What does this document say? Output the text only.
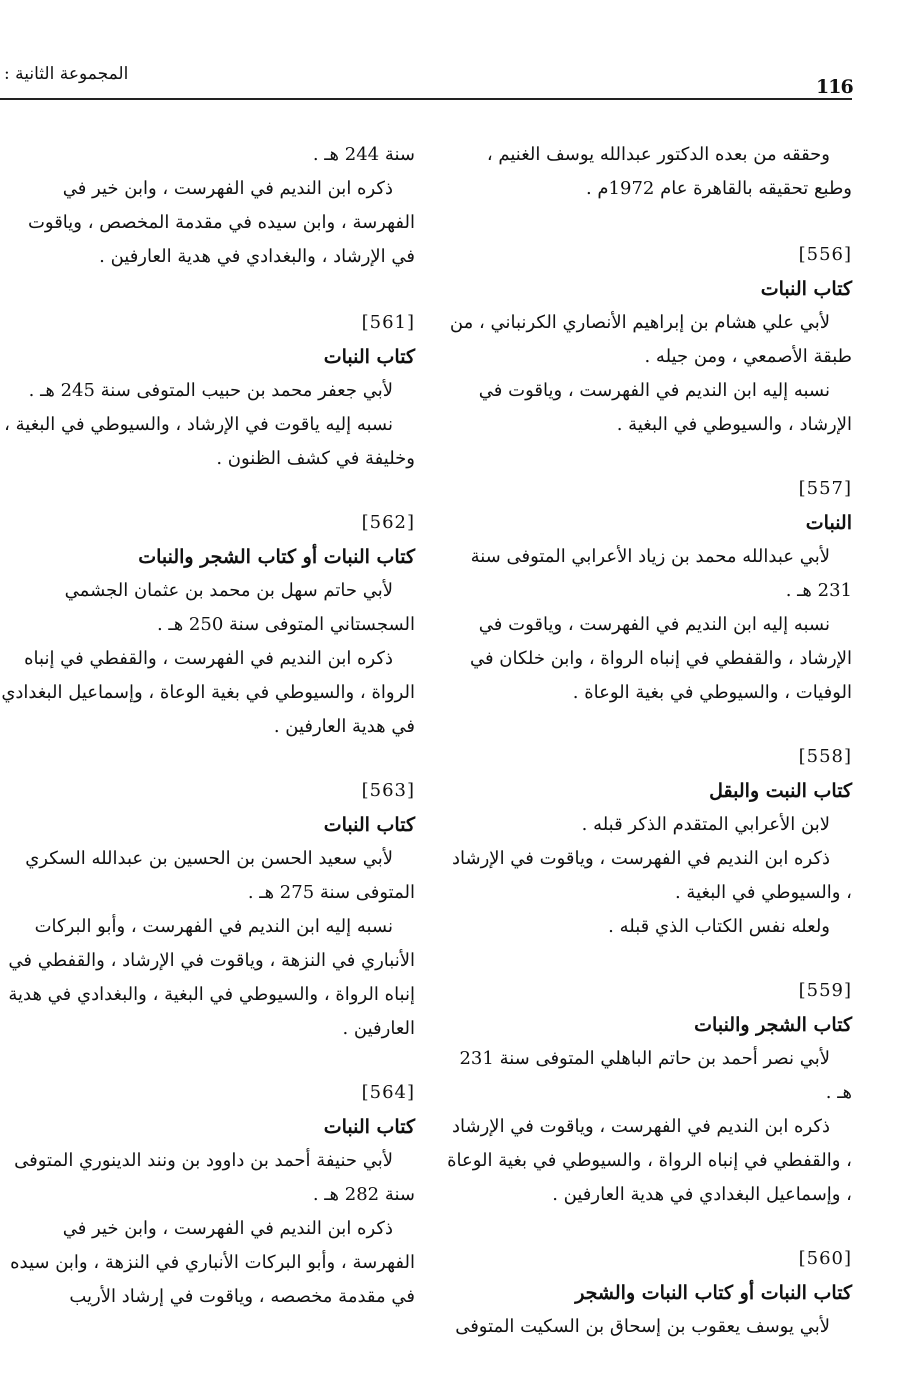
116
المجموعة الثانية :
وحققه من بعده الدكتور عبدالله يوسف الغنيم ،
وطبع تحقيقه بالقاهرة عام 1972م .
[556]
كتاب النبات
لأبي علي هشام بن إبراهيم الأنصاري الكرنباني ، من طبقة الأصمعي ، ومن جيله .
نسبه إليه ابن النديم في الفهرست ، وياقوت في الإرشاد ، والسيوطي في البغية .
[557]
النبات
لأبي عبدالله محمد بن زياد الأعرابي المتوفى سنة 231 هـ .
نسبه إليه ابن النديم في الفهرست ، وياقوت في الإرشاد ، والقفطي في إنباه الرواة ، وابن خلكان في الوفيات ، والسيوطي في بغية الوعاة .
[558]
كتاب النبت والبقل
لابن الأعرابي المتقدم الذكر قبله .
ذكره ابن النديم في الفهرست ، وياقوت في الإرشاد ، والسيوطي في البغية .
ولعله نفس الكتاب الذي قبله .
[559]
كتاب الشجر والنبات
لأبي نصر أحمد بن حاتم الباهلي المتوفى سنة 231 هـ .
ذكره ابن النديم في الفهرست ، وياقوت في الإرشاد ، والقفطي في إنباه الرواة ، والسيوطي في بغية الوعاة ، وإسماعيل البغدادي في هدية العارفين .
[560]
كتاب النبات أو كتاب النبات والشجر
لأبي يوسف يعقوب بن إسحاق بن السكيت المتوفى
سنة 244 هـ .
ذكره ابن النديم في الفهرست ، وابن خير في الفهرسة ، وابن سيده في مقدمة المخصص ، وياقوت في الإرشاد ، والبغدادي في هدية العارفين .
[561]
كتاب النبات
لأبي جعفر محمد بن حبيب المتوفى سنة 245 هـ .
نسبه إليه ياقوت في الإرشاد ، والسيوطي في البغية ، وخليفة في كشف الظنون .
[562]
كتاب النبات أو كتاب الشجر والنبات
لأبي حاتم سهل بن محمد بن عثمان الجشمي السجستاني المتوفى سنة 250 هـ .
ذكره ابن النديم في الفهرست ، والقفطي في إنباه الرواة ، والسيوطي في بغية الوعاة ، وإسماعيل البغدادي في هدية العارفين .
[563]
كتاب النبات
لأبي سعيد الحسن بن الحسين بن عبدالله السكري المتوفى سنة 275 هـ .
نسبه إليه ابن النديم في الفهرست ، وأبو البركات الأنباري في النزهة ، وياقوت في الإرشاد ، والقفطي في إنباه الرواة ، والسيوطي في البغية ، والبغدادي في هدية العارفين .
[564]
كتاب النبات
لأبي حنيفة أحمد بن داوود بن ونند الدينوري المتوفى سنة 282 هـ .
ذكره ابن النديم في الفهرست ، وابن خير في الفهرسة ، وأبو البركات الأنباري في النزهة ، وابن سيده في مقدمة مخصصه ، وياقوت في إرشاد الأريب
